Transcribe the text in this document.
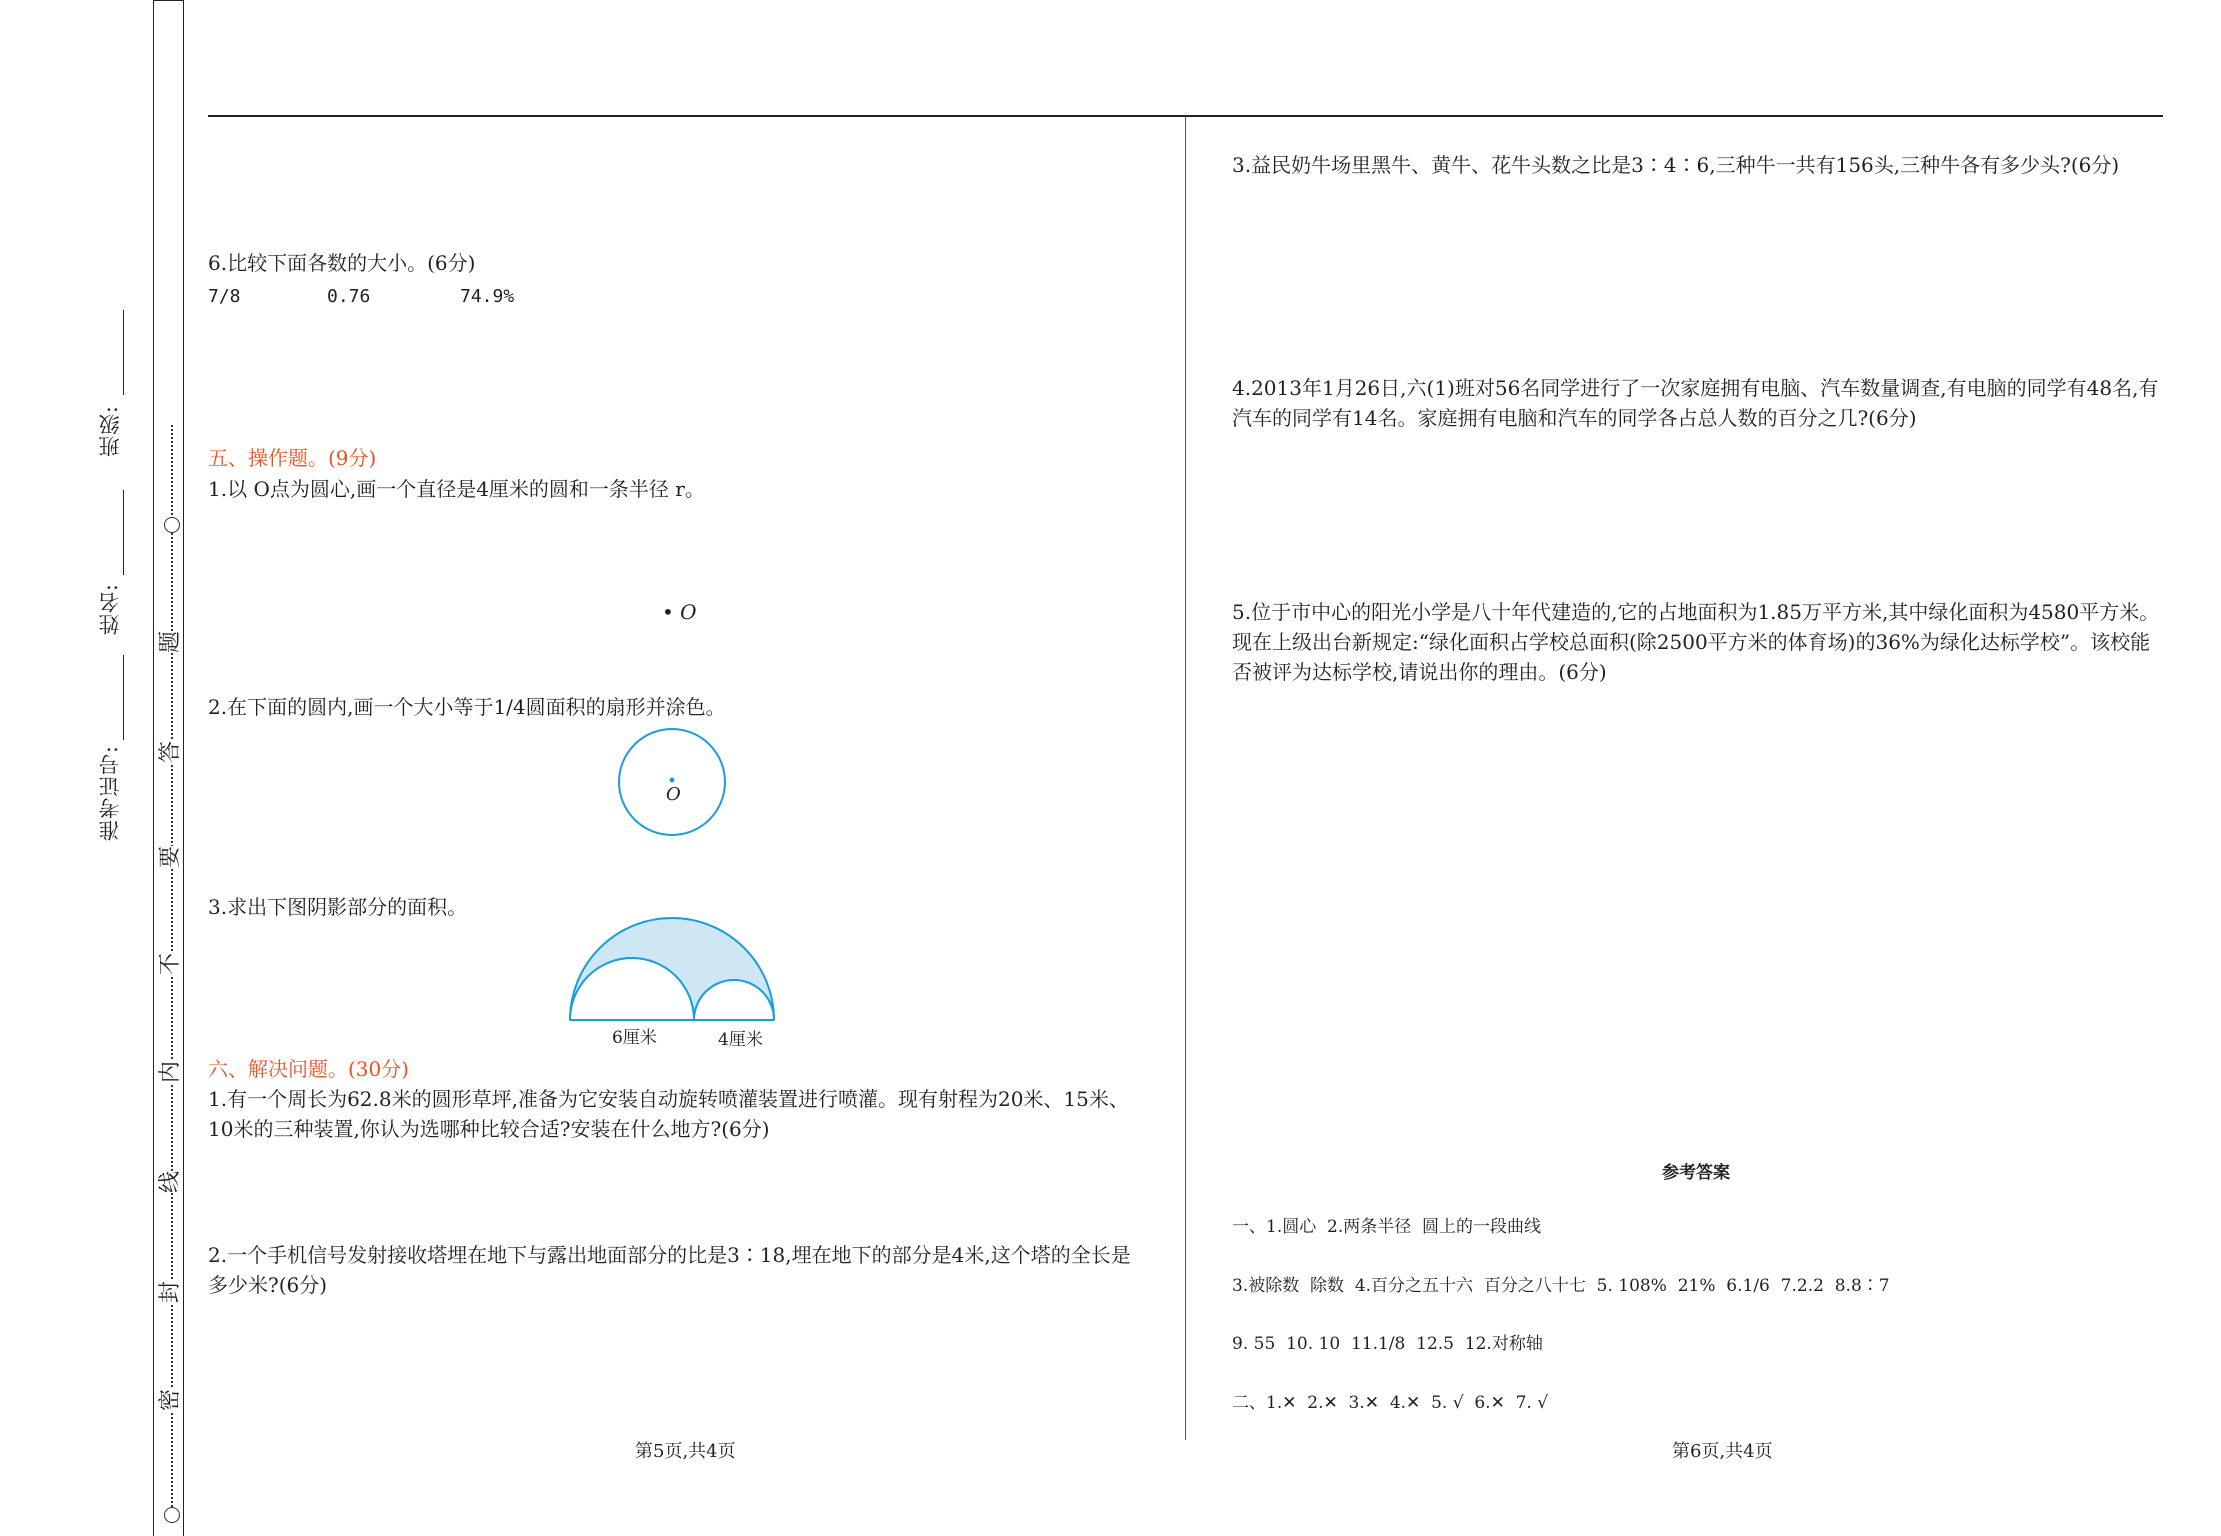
班级:
姓名:
准考证号:
密
封
线
内
不
要
答
题
6.比较下面各数的大小。(6分)
7/8	0.76	74.9%
五、操作题。(9分)
1.以 O点为圆心,画一个直径是4厘米的圆和一条半径 r。
• O
2.在下面的圆内,画一个大小等于1/4圆面积的扇形并涂色。
O
3.求出下图阴影部分的面积。
6厘米	4厘米
六、解决问题。(30分)
1.有一个周长为62.8米的圆形草坪,准备为它安装自动旋转喷灌装置进行喷灌。现有射程为20米、15米、10米的三种装置,你认为选哪种比较合适?安装在什么地方?(6分)
2.一个手机信号发射接收塔埋在地下与露出地面部分的比是3∶18,埋在地下的部分是4米,这个塔的全长是多少米?(6分)
第5页,共4页
3.益民奶牛场里黑牛、黄牛、花牛头数之比是3∶4∶6,三种牛一共有156头,三种牛各有多少头?(6分)
4.2013年1月26日,六(1)班对56名同学进行了一次家庭拥有电脑、汽车数量调查,有电脑的同学有48名,有汽车的同学有14名。家庭拥有电脑和汽车的同学各占总人数的百分之几?(6分)
5.位于市中心的阳光小学是八十年代建造的,它的占地面积为1.85万平方米,其中绿化面积为4580平方米。现在上级出台新规定:“绿化面积占学校总面积(除2500平方米的体育场)的36%为绿化达标学校”。该校能否被评为达标学校,请说出你的理由。(6分)
参考答案
一、1.圆心  2.两条半径  圆上的一段曲线
3.被除数  除数  4.百分之五十六  百分之八十七  5. 108%  21%  6.1/6  7.2.2  8.8∶7
9. 55  10. 10  11.1/8  12.5  12.对称轴
二、1.✕  2.✕  3.✕  4.✕  5. √  6.✕  7. √
第6页,共4页
